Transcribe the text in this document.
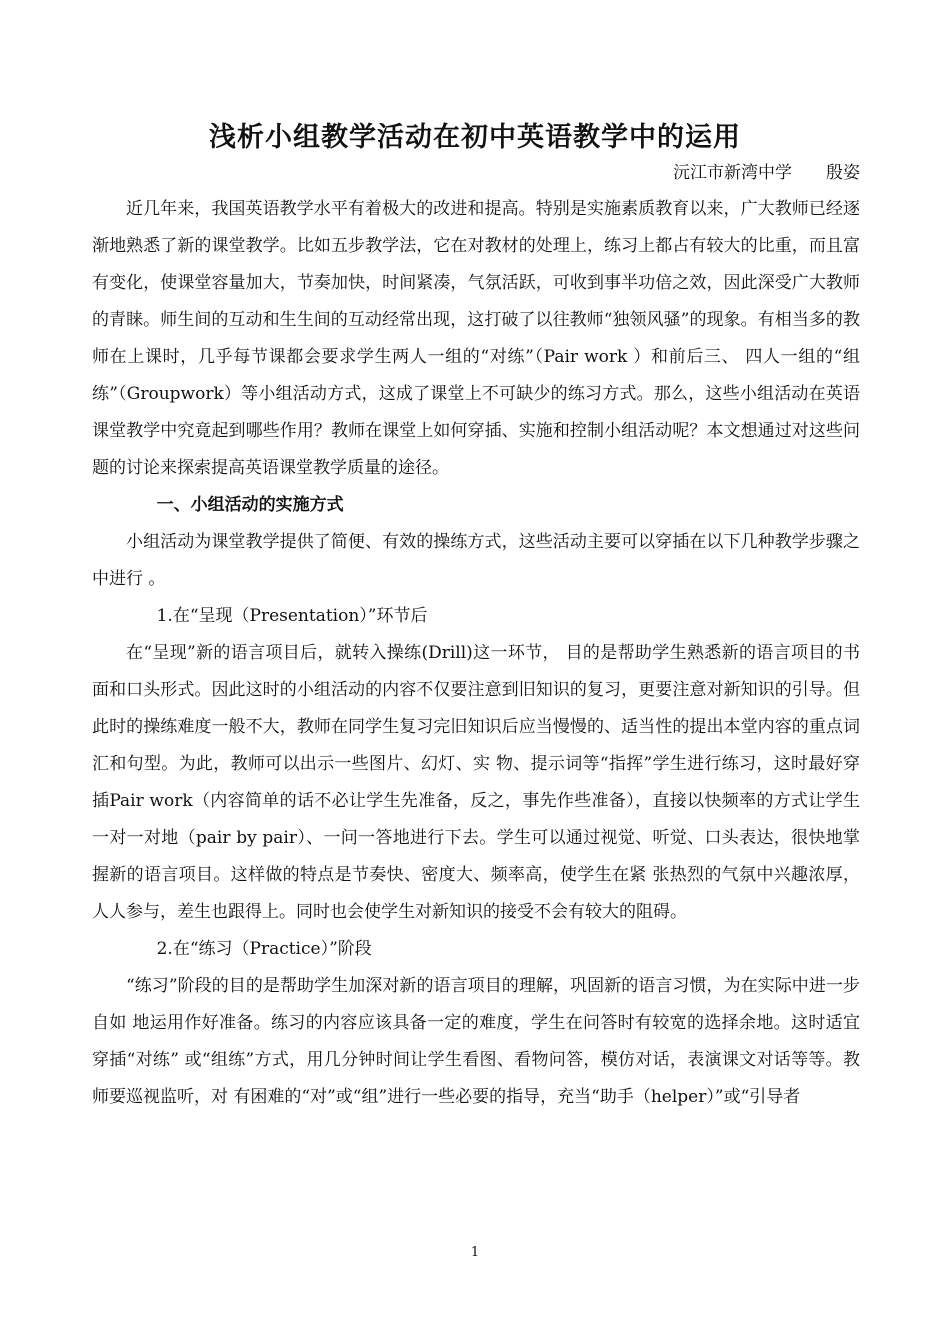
浅析小组教学活动在初中英语教学中的运用
沅江市新湾中学 殷姿

近几年来，我国英语教学水平有着极大的改进和提高。特别是实施素质教育以来，广大教师已经逐渐地熟悉了新的课堂教学。比如五步教学法，它在对教材的处理上，练习上都占有较大的比重，而且富有变化，使课堂容量加大，节奏加快，时间紧凑，气氛活跃，可收到事半功倍之效，因此深受广大教师的青睐。师生间的互动和生生间的互动经常出现，这打破了以往教师“独领风骚”的现象。有相当多的教师在上课时，几乎每节课都会要求学生两人一组的“对练”（Pair work ）和前后三、 四人一组的“组练”（Groupwork）等小组活动方式，这成了课堂上不可缺少的练习方式。那么，这些小组活动在英语课堂教学中究竟起到哪些作用？教师在课堂上如何穿插、实施和控制小组活动呢？本文想通过对这些问题的讨论来探索提高英语课堂教学质量的途径。

一、小组活动的实施方式

小组活动为课堂教学提供了简便、有效的操练方式，这些活动主要可以穿插在以下几种教学步骤之中进行 。

1.在“呈现（Presentation）”环节后

在“呈现”新的语言项目后，就转入操练(Drill)这一环节， 目的是帮助学生熟悉新的语言项目的书面和口头形式。因此这时的小组活动的内容不仅要注意到旧知识的复习，更要注意对新知识的引导。但此时的操练难度一般不大，教师在同学生复习完旧知识后应当慢慢的、适当性的提出本堂内容的重点词汇和句型。为此，教师可以出示一些图片、幻灯、实 物、提示词等“指挥”学生进行练习，这时最好穿插Pair work（内容简单的话不必让学生先准备，反之，事先作些准备），直接以快频率的方式让学生一对一对地（pair by pair）、一问一答地进行下去。学生可以通过视觉、听觉、口头表达，很快地掌握新的语言项目。这样做的特点是节奏快、密度大、频率高，使学生在紧 张热烈的气氛中兴趣浓厚，人人参与，差生也跟得上。同时也会使学生对新知识的接受不会有较大的阻碍。

2.在“练习（Practice）”阶段

“练习”阶段的目的是帮助学生加深对新的语言项目的理解，巩固新的语言习惯，为在实际中进一步自如 地运用作好准备。练习的内容应该具备一定的难度，学生在问答时有较宽的选择余地。这时适宜穿插“对练” 或“组练”方式，用几分钟时间让学生看图、看物问答，模仿对话，表演课文对话等等。教师要巡视监听，对 有困难的“对”或“组”进行一些必要的指导，充当“助手（helper）”或“引导者

1
